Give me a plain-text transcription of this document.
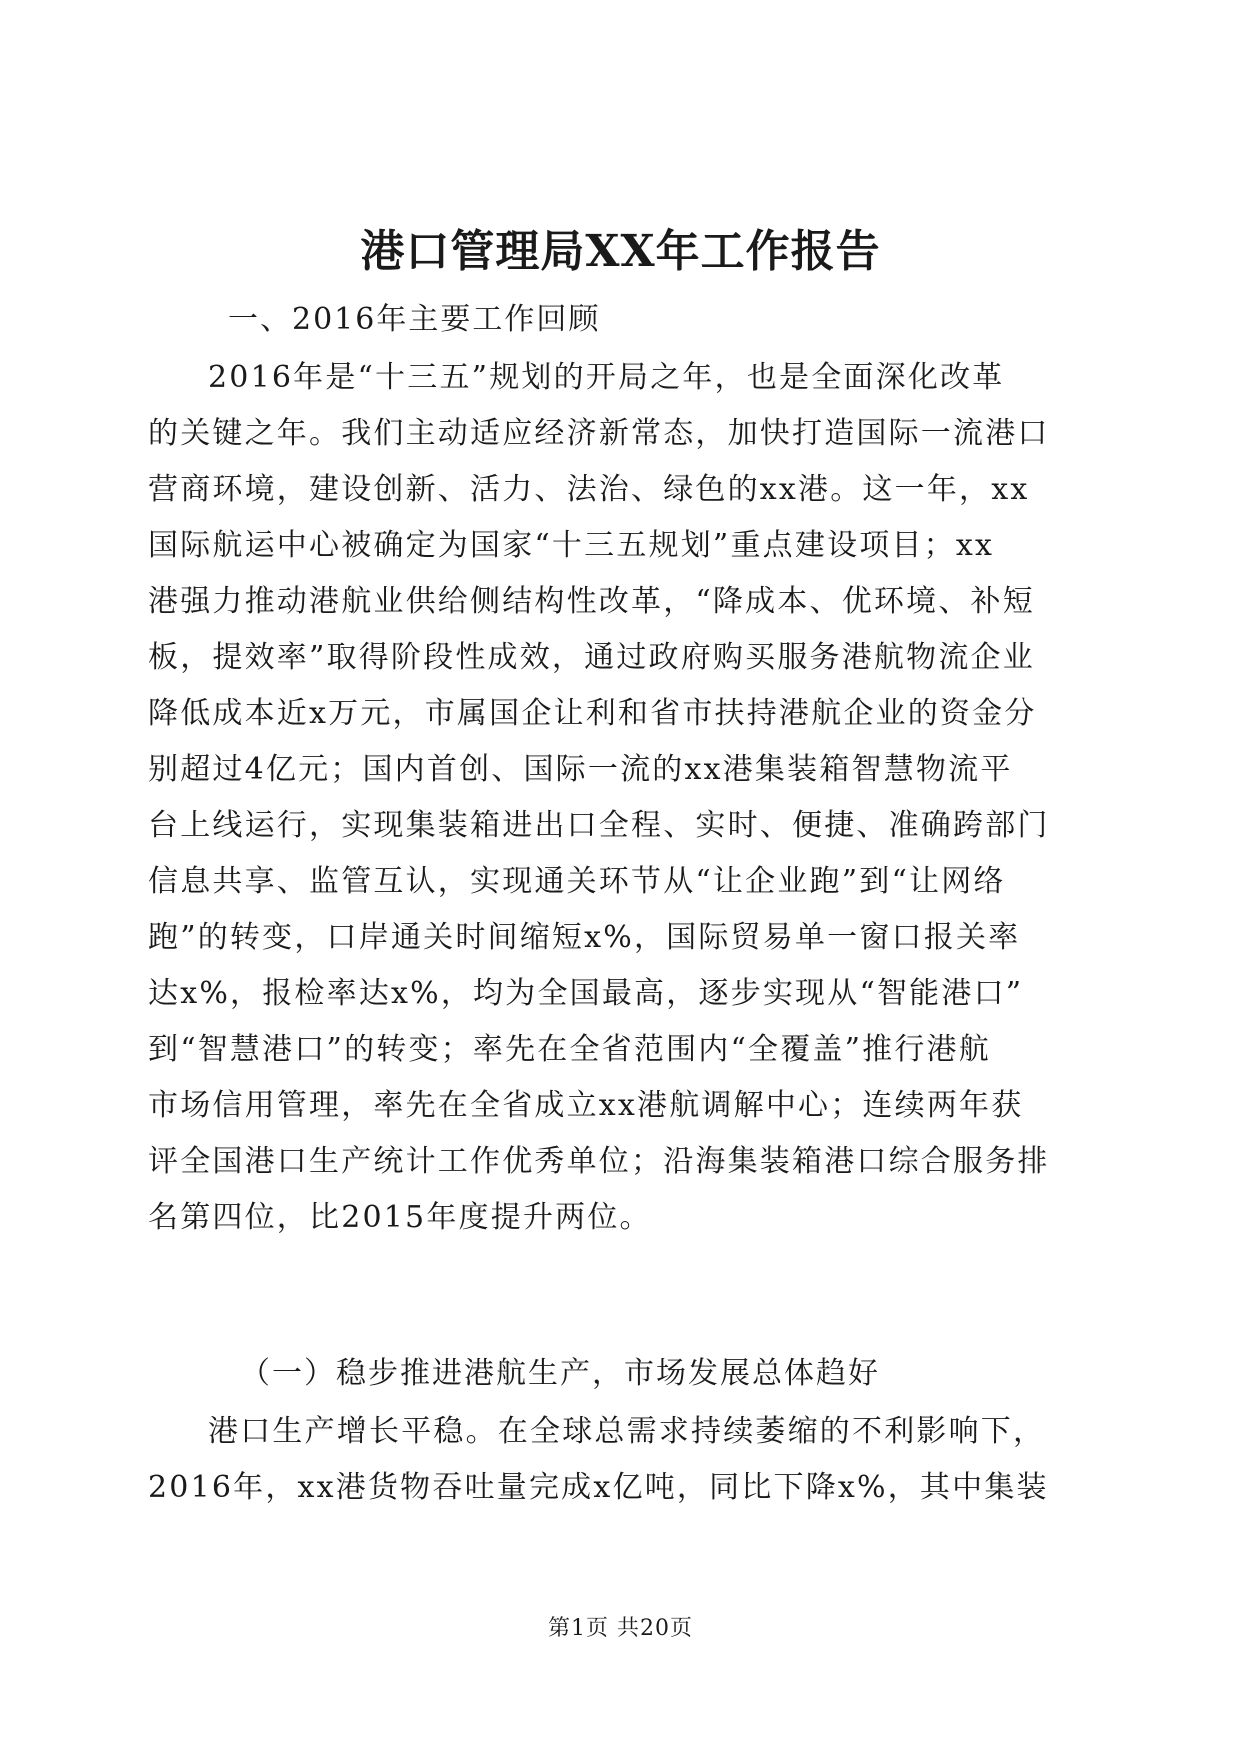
港口管理局XX年工作报告

一、2016年主要工作回顾

2016年是“十三五”规划的开局之年，也是全面深化改革

的关键之年。我们主动适应经济新常态，加快打造国际一流港口

营商环境，建设创新、活力、法治、绿色的xx港。这一年，xx

国际航运中心被确定为国家“十三五规划”重点建设项目；xx

港强力推动港航业供给侧结构性改革，“降成本、优环境、补短

板，提效率”取得阶段性成效，通过政府购买服务港航物流企业

降低成本近x万元，市属国企让利和省市扶持港航企业的资金分

别超过4亿元；国内首创、国际一流的xx港集装箱智慧物流平

台上线运行，实现集装箱进出口全程、实时、便捷、准确跨部门

信息共享、监管互认，实现通关环节从“让企业跑”到“让网络

跑”的转变，口岸通关时间缩短x%，国际贸易单一窗口报关率

达x%，报检率达x%，均为全国最高，逐步实现从“智能港口”

到“智慧港口”的转变；率先在全省范围内“全覆盖”推行港航

市场信用管理，率先在全省成立xx港航调解中心；连续两年获

评全国港口生产统计工作优秀单位；沿海集装箱港口综合服务排

名第四位，比2015年度提升两位。

（一）稳步推进港航生产，市场发展总体趋好

港口生产增长平稳。在全球总需求持续萎缩的不利影响下，

2016年，xx港货物吞吐量完成x亿吨，同比下降x%，其中集装

第1页 共20页
